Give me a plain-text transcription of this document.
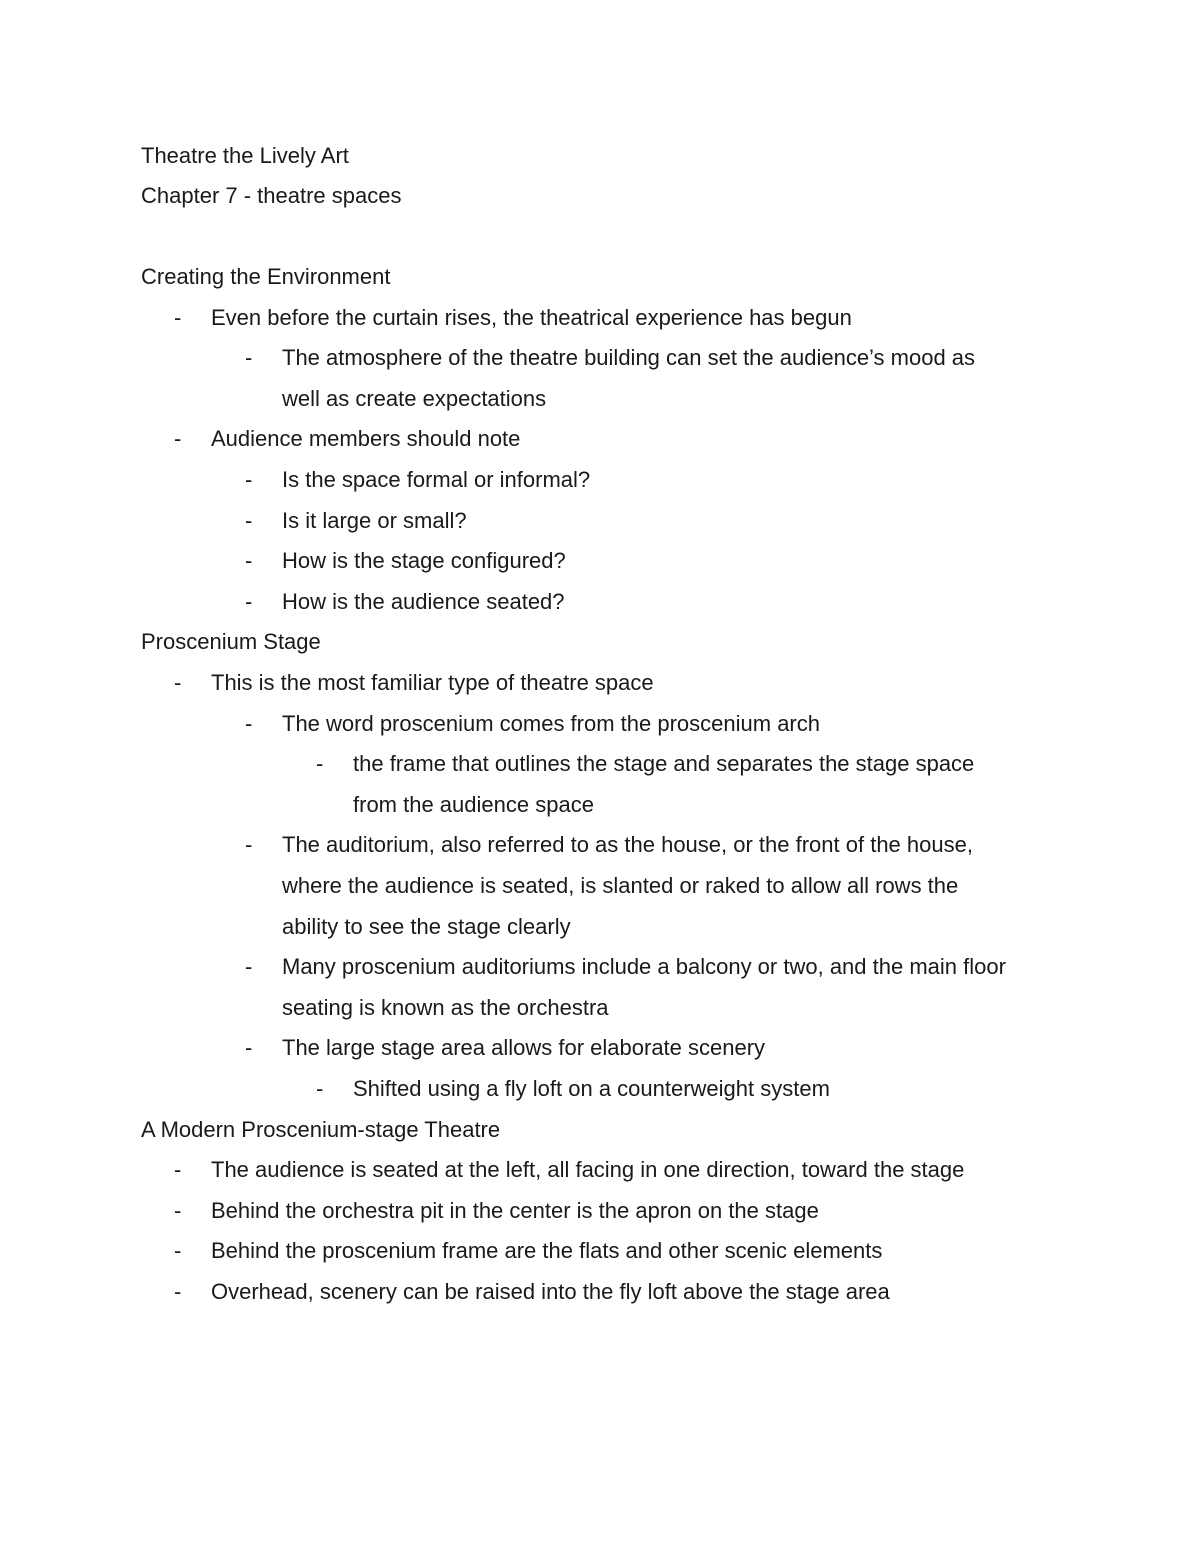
Theatre the Lively Art
Chapter 7 - theatre spaces
Creating the Environment
- Even before the curtain rises, the theatrical experience has begun
- The atmosphere of the theatre building can set the audience’s mood as
well as create expectations
- Audience members should note
- Is the space formal or informal?
- Is it large or small?
- How is the stage configured?
- How is the audience seated?
Proscenium Stage
- This is the most familiar type of theatre space
- The word proscenium comes from the proscenium arch
- the frame that outlines the stage and separates the stage space
from the audience space
- The auditorium, also referred to as the house, or the front of the house,
where the audience is seated, is slanted or raked to allow all rows the
ability to see the stage clearly
- Many proscenium auditoriums include a balcony or two, and the main floor
seating is known as the orchestra
- The large stage area allows for elaborate scenery
- Shifted using a fly loft on a counterweight system
A Modern Proscenium-stage Theatre
- The audience is seated at the left, all facing in one direction, toward the stage
- Behind the orchestra pit in the center is the apron on the stage
- Behind the proscenium frame are the flats and other scenic elements
- Overhead, scenery can be raised into the fly loft above the stage area
